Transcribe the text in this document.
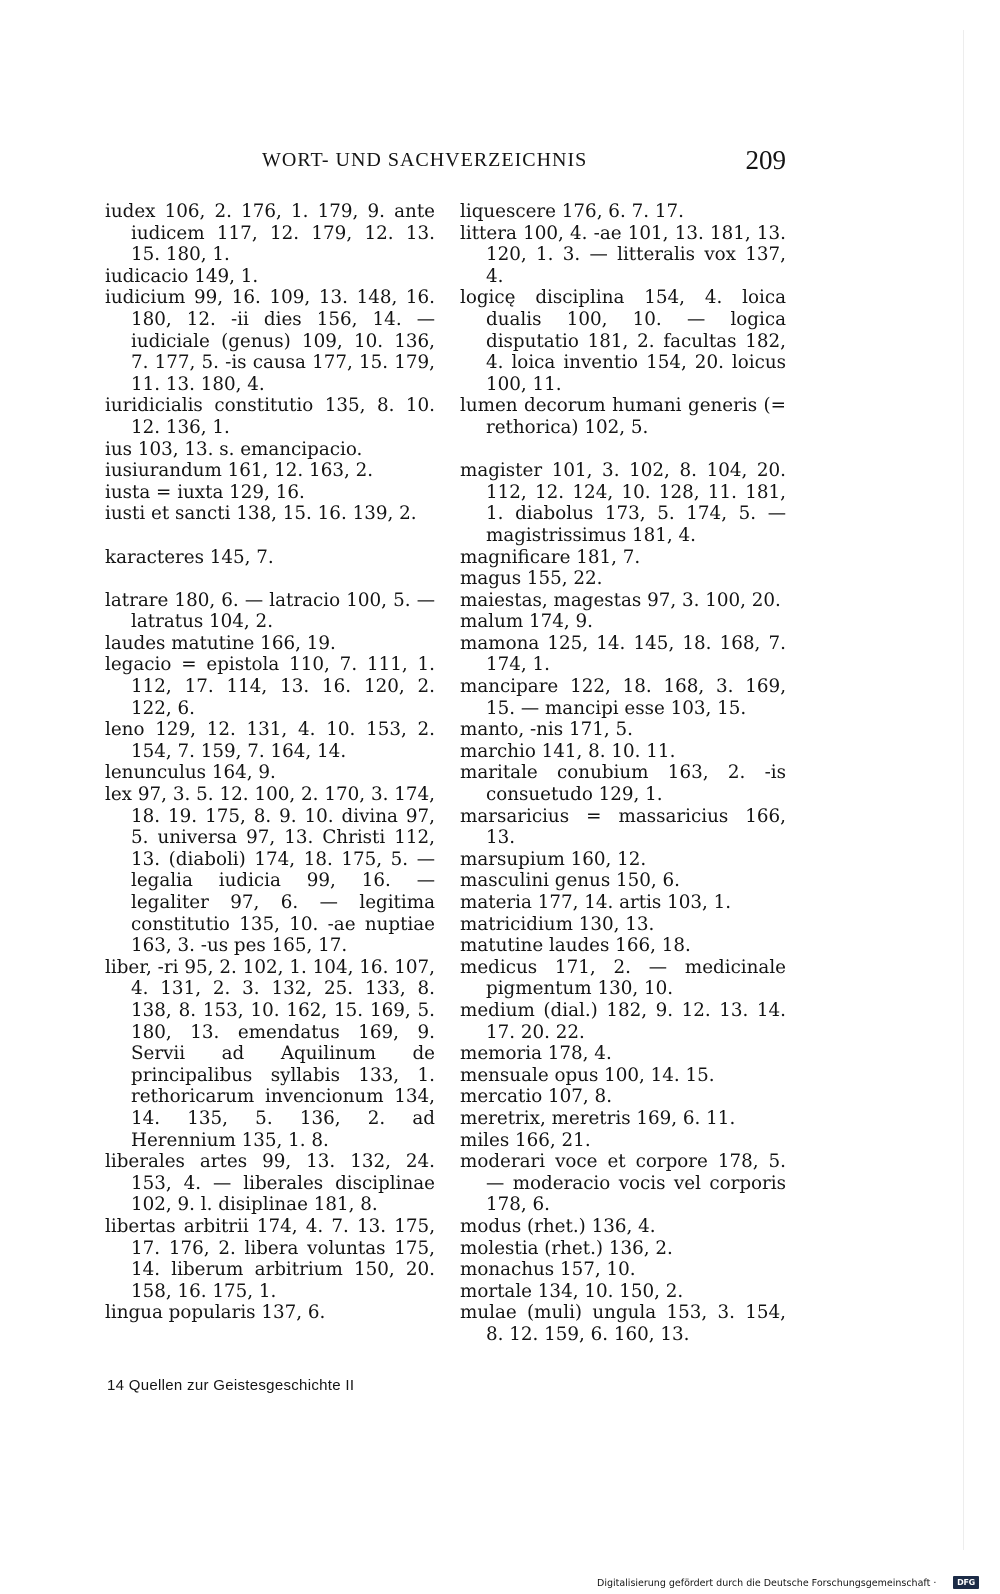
WORT- UND SACHVERZEICHNIS	209
iudex 106, 2. 176, 1. 179, 9. ante iudicem 117, 12. 179, 12. 13. 15. 180, 1.
iudicacio 149, 1.
iudicium 99, 16. 109, 13. 148, 16. 180, 12. -ii dies 156, 14. — iudiciale (genus) 109, 10. 136, 7. 177, 5. -is causa 177, 15. 179, 11. 13. 180, 4.
iuridicialis constitutio 135, 8. 10. 12. 136, 1.
ius 103, 13. s. emancipacio.
iusiurandum 161, 12. 163, 2.
iusta = iuxta 129, 16.
iusti et sancti 138, 15. 16. 139, 2.
karacteres 145, 7.
latrare 180, 6. — latracio 100, 5. — latratus 104, 2.
laudes matutine 166, 19.
legacio = epistola 110, 7. 111, 1. 112, 17. 114, 13. 16. 120, 2. 122, 6.
leno 129, 12. 131, 4. 10. 153, 2. 154, 7. 159, 7. 164, 14.
lenunculus 164, 9.
lex 97, 3. 5. 12. 100, 2. 170, 3. 174, 18. 19. 175, 8. 9. 10. divina 97, 5. universa 97, 13. Christi 112, 13. (diaboli) 174, 18. 175, 5. — legalia iudicia 99, 16. — legaliter 97, 6. — legitima constitutio 135, 10. -ae nuptiae 163, 3. -us pes 165, 17.
liber, -ri 95, 2. 102, 1. 104, 16. 107, 4. 131, 2. 3. 132, 25. 133, 8. 138, 8. 153, 10. 162, 15. 169, 5. 180, 13. emendatus 169, 9. Servii ad Aquilinum de principalibus syllabis 133, 1. rethoricarum invencionum 134, 14. 135, 5. 136, 2. ad Herennium 135, 1. 8.
liberales artes 99, 13. 132, 24. 153, 4. — liberales disciplinae 102, 9. l. disiplinae 181, 8.
libertas arbitrii 174, 4. 7. 13. 175, 17. 176, 2. libera voluntas 175, 14. liberum arbitrium 150, 20. 158, 16. 175, 1.
lingua popularis 137, 6.
liquescere 176, 6. 7. 17.
littera 100, 4. -ae 101, 13. 181, 13. 120, 1. 3. — litteralis vox 137, 4.
logicę disciplina 154, 4. loica dualis 100, 10. — logica disputatio 181, 2. facultas 182, 4. loica inventio 154, 20. loicus 100, 11.
lumen decorum humani generis (= rethorica) 102, 5.
magister 101, 3. 102, 8. 104, 20. 112, 12. 124, 10. 128, 11. 181, 1. diabolus 173, 5. 174, 5. — magistrissimus 181, 4.
magnificare 181, 7.
magus 155, 22.
maiestas, magestas 97, 3. 100, 20.
malum 174, 9.
mamona 125, 14. 145, 18. 168, 7. 174, 1.
mancipare 122, 18. 168, 3. 169, 15. — mancipi esse 103, 15.
manto, -nis 171, 5.
marchio 141, 8. 10. 11.
maritale conubium 163, 2. -is consuetudo 129, 1.
marsaricius = massaricius 166, 13.
marsupium 160, 12.
masculini genus 150, 6.
materia 177, 14. artis 103, 1.
matricidium 130, 13.
matutine laudes 166, 18.
medicus 171, 2. — medicinale pigmentum 130, 10.
medium (dial.) 182, 9. 12. 13. 14. 17. 20. 22.
memoria 178, 4.
mensuale opus 100, 14. 15.
mercatio 107, 8.
meretrix, meretris 169, 6. 11.
miles 166, 21.
moderari voce et corpore 178, 5. — moderacio vocis vel corporis 178, 6.
modus (rhet.) 136, 4.
molestia (rhet.) 136, 2.
monachus 157, 10.
mortale 134, 10. 150, 2.
mulae (muli) ungula 153, 3. 154, 8. 12. 159, 6. 160, 13.
14 Quellen zur Geistesgeschichte II
Digitalisierung gefördert durch die Deutsche Forschungsgemeinschaft ·	DFG
